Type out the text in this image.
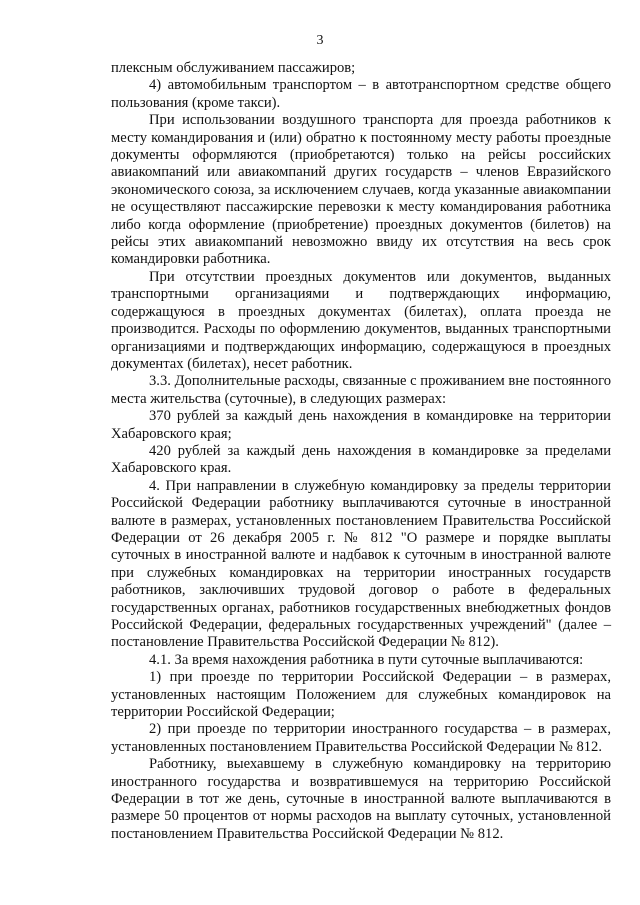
3

плексным обслуживанием пассажиров;

4) автомобильным транспортом – в автотранспортном средстве общего пользования (кроме такси).

При использовании воздушного транспорта для проезда работников к месту командирования и (или) обратно к постоянному месту работы проездные документы оформляются (приобретаются) только на рейсы российских авиакомпаний или авиакомпаний других государств – членов Евразийского экономического союза, за исключением случаев, когда указанные авиакомпании не осуществляют пассажирские перевозки к месту командирования работника либо когда оформление (приобретение) проездных документов (билетов) на рейсы этих авиакомпаний невозможно ввиду их отсутствия на весь срок командировки работника.

При отсутствии проездных документов или документов, выданных транспортными организациями и подтверждающих информацию, содержащуюся в проездных документах (билетах), оплата проезда не производится. Расходы по оформлению документов, выданных транспортными организациями и подтверждающих информацию, содержащуюся в проездных документах (билетах), несет работник.

3.3. Дополнительные расходы, связанные с проживанием вне постоянного места жительства (суточные), в следующих размерах:

370 рублей за каждый день нахождения в командировке на территории Хабаровского края;

420 рублей за каждый день нахождения в командировке за пределами Хабаровского края.

4. При направлении в служебную командировку за пределы территории Российской Федерации работнику выплачиваются суточные в иностранной валюте в размерах, установленных постановлением Правительства Российской Федерации от 26 декабря 2005 г. № 812 "О размере и порядке выплаты суточных в иностранной валюте и надбавок к суточным в иностранной валюте при служебных командировках на территории иностранных государств работников, заключивших трудовой договор о работе в федеральных государственных органах, работников государственных внебюджетных фондов Российской Федерации, федеральных государственных учреждений" (далее – постановление Правительства Российской Федерации № 812).

4.1. За время нахождения работника в пути суточные выплачиваются:

1) при проезде по территории Российской Федерации – в размерах, установленных настоящим Положением для служебных командировок на территории Российской Федерации;

2) при проезде по территории иностранного государства – в размерах, установленных постановлением Правительства Российской Федерации № 812.

Работнику, выехавшему в служебную командировку на территорию иностранного государства и возвратившемуся на территорию Российской Федерации в тот же день, суточные в иностранной валюте выплачиваются в размере 50 процентов от нормы расходов на выплату суточных, установленной постановлением Правительства Российской Федерации № 812.
